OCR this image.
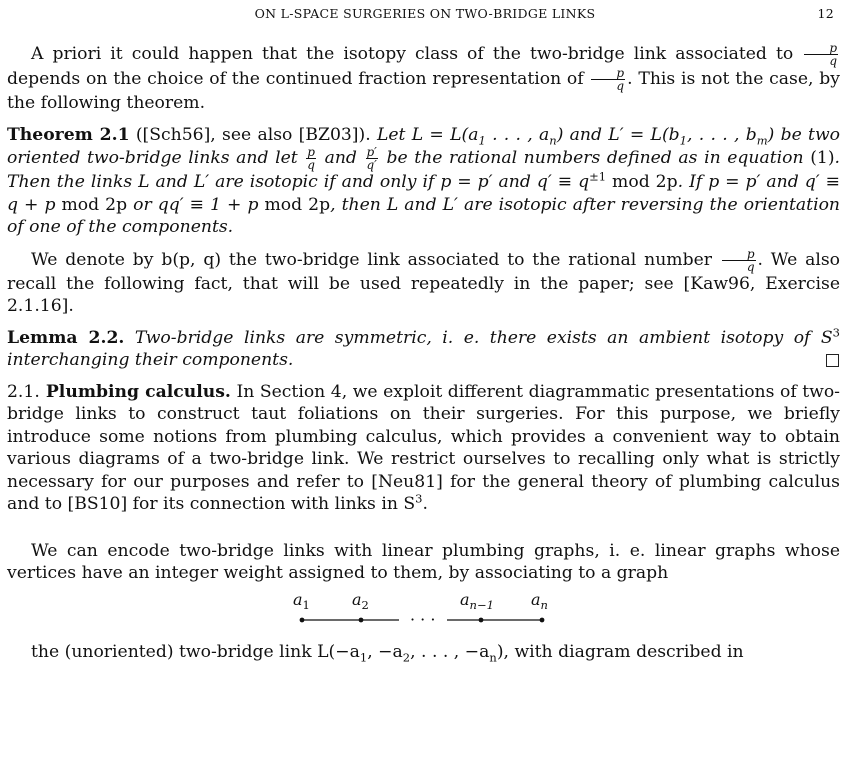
ON L-SPACE SURGERIES ON TWO-BRIDGE LINKS	12

A priori it could happen that the isotopy class of the two-bridge link associated to $\frac{p}{q}$
depends on the choice of the continued fraction representation of $\frac{p}{q}$ . This is not the case, by the following theorem.

Theorem 2.1 ([Sch56], see also [BZ03]). Let $L = L(a_1$ . . . , $a_n$) and $L' = L(b_1$, . . . , $b_m$) be two oriented two-bridge links and let $\frac{p}{q}$ and $\frac{p'}{q'}$ be the rational numbers defined as in equation (1). Then the links L and L′ are isotopic if and only if p = p′ and $q' \equiv q^{\pm 1}$ mod 2p. If p = p′ and q′ ≡ q + p mod 2p or qq′ ≡ 1 + p mod 2p, then L and L′ are isotopic after reversing the orientation of one of the components.

We denote by b(p, q) the two-bridge link associated to the rational number $\frac{p}{q}$ . We also recall the following fact, that will be used repeatedly in the paper; see [Kaw96, Exercise 2.1.16].

Lemma 2.2. Two-bridge links are symmetric, i. e. there exists an ambient isotopy of $S^3$ interchanging their components.

2.1. Plumbing calculus. In Section 4, we exploit different diagrammatic presentations of two-bridge links to construct taut foliations on their surgeries. For this purpose, we briefly introduce some notions from plumbing calculus, which provides a convenient way to obtain various diagrams of a two-bridge link. We restrict ourselves to recalling only what is strictly necessary for our purposes and refer to [Neu81] for the general theory of plumbing calculus and to [BS10] for its connection with links in $S^3$.

We can encode two-bridge links with linear plumbing graphs, i. e. linear graphs whose vertices have an integer weight assigned to them, by associating to a graph

$a_1$	$a_2$	$a_{n-1}$ $a_n$
· · ·

the (unoriented) two-bridge link $L(-a_1$, $-a_2$, . . . , $-a_n$), with diagram described in
